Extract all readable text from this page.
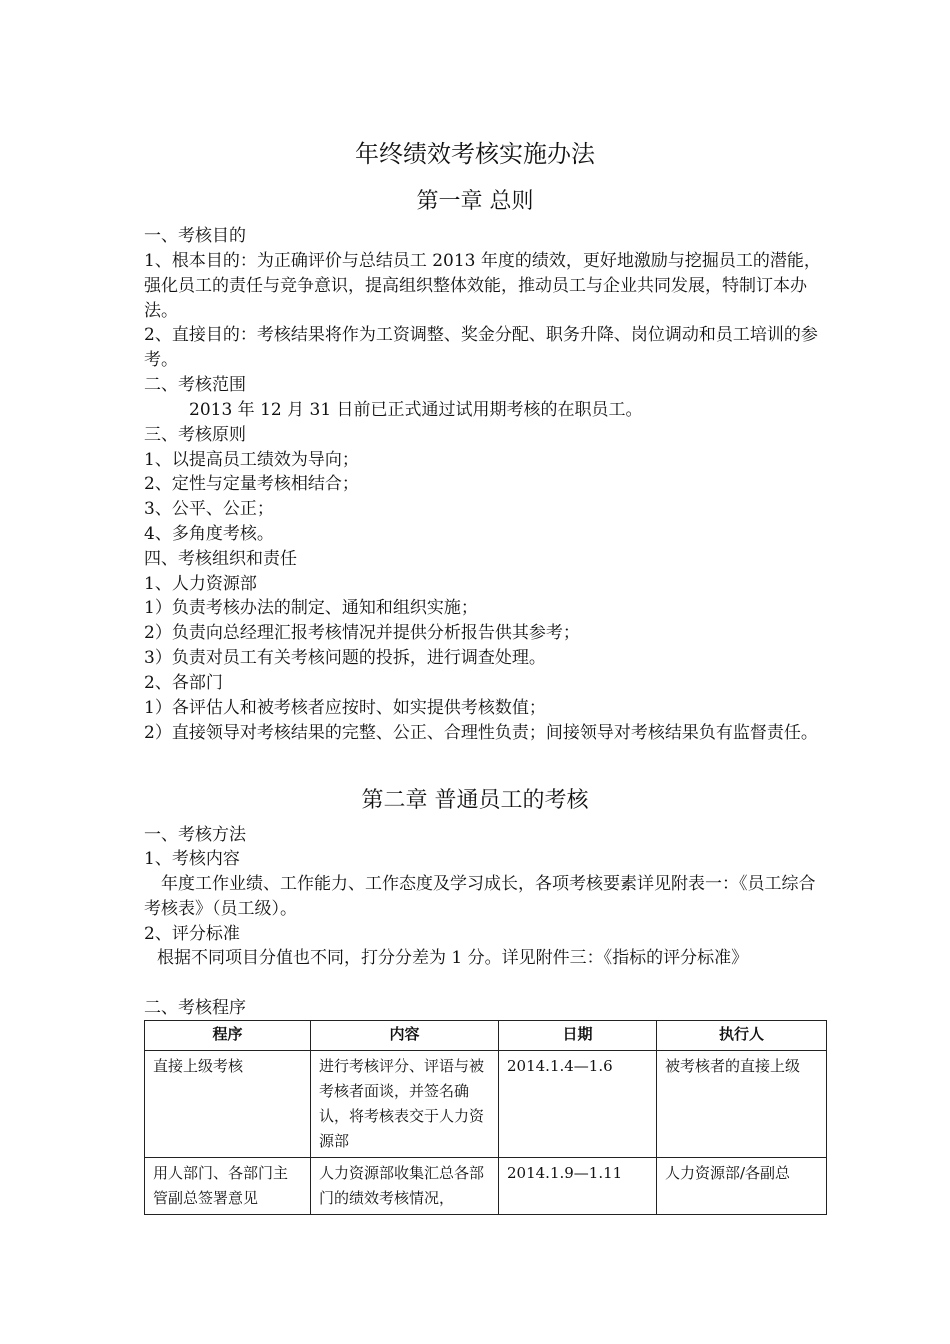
年终绩效考核实施办法
第一章 总则

一、考核目的

1、根本目的：为正确评价与总结员工 2013 年度的绩效，更好地激励与挖掘员工的潜能，强化员工的责任与竞争意识，提高组织整体效能，推动员工与企业共同发展，特制订本办法。

2、直接目的：考核结果将作为工资调整、奖金分配、职务升降、岗位调动和员工培训的参考。

二、考核范围

2013 年 12 月 31 日前已正式通过试用期考核的在职员工。

三、考核原则

1、以提高员工绩效为导向；

2、定性与定量考核相结合；

3、公平、公正；

4、多角度考核。

四、考核组织和责任

1、人力资源部

1）负责考核办法的制定、通知和组织实施；

2）负责向总经理汇报考核情况并提供分析报告供其参考；

3）负责对员工有关考核问题的投拆，进行调查处理。

2、各部门

1）各评估人和被考核者应按时、如实提供考核数值；

2）直接领导对考核结果的完整、公正、合理性负责；间接领导对考核结果负有监督责任。

第二章 普通员工的考核

一、考核方法

1、考核内容

年度工作业绩、工作能力、工作态度及学习成长，各项考核要素详见附表一：《员工综合考核表》（员工级）。

2、评分标准

根据不同项目分值也不同，打分分差为 1 分。详见附件三：《指标的评分标准》

二、考核程序

程序	内容	日期	执行人
直接上级考核	进行考核评分、评语与被考核者面谈，并签名确认，将考核表交于人力资源部	2014.1.4—1.6	被考核者的直接上级
用人部门、各部门主管副总签署意见	人力资源部收集汇总各部门的绩效考核情况，	2014.1.9—1.11	人力资源部/各副总
